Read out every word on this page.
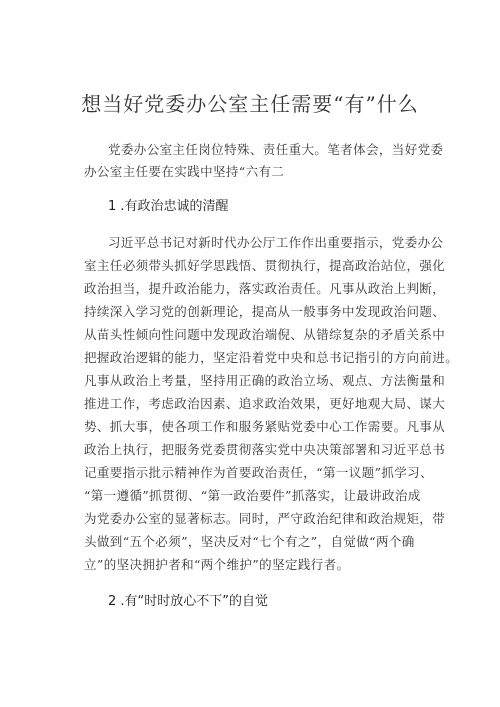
想当好党委办公室主任需要“有”什么

党委办公室主任岗位特殊、责任重大。笔者体会，当好党委

办公室主任要在实践中坚持“六有二

1 .有政治忠诚的清醒

习近平总书记对新时代办公厅工作作出重要指示，党委办公

室主任必须带头抓好学思践悟、贯彻执行，提高政治站位，强化

政治担当，提升政治能力，落实政治责任。凡事从政治上判断，

持续深入学习党的创新理论，提高从一般事务中发现政治问题、

从苗头性倾向性问题中发现政治端倪、从错综复杂的矛盾关系中

把握政治逻辑的能力，坚定沿着党中央和总书记指引的方向前进。

凡事从政治上考量，坚持用正确的政治立场、观点、方法衡量和

推进工作，考虑政治因素、追求政治效果，更好地观大局、谋大

势、抓大事，使各项工作和服务紧贴党委中心工作需要。凡事从

政治上执行，把服务党委贯彻落实党中央决策部署和习近平总书

记重要指示批示精神作为首要政治责任，“第一议题”抓学习、

“第一遵循”抓贯彻、“第一政治要件”抓落实，让最讲政治成

为党委办公室的显著标志。同时，严守政治纪律和政治规矩，带

头做到“五个必须”，坚决反对“七个有之”，自觉做“两个确

立”的坚决拥护者和“两个维护”的坚定践行者。

2 .有“时时放心不下”的自觉
